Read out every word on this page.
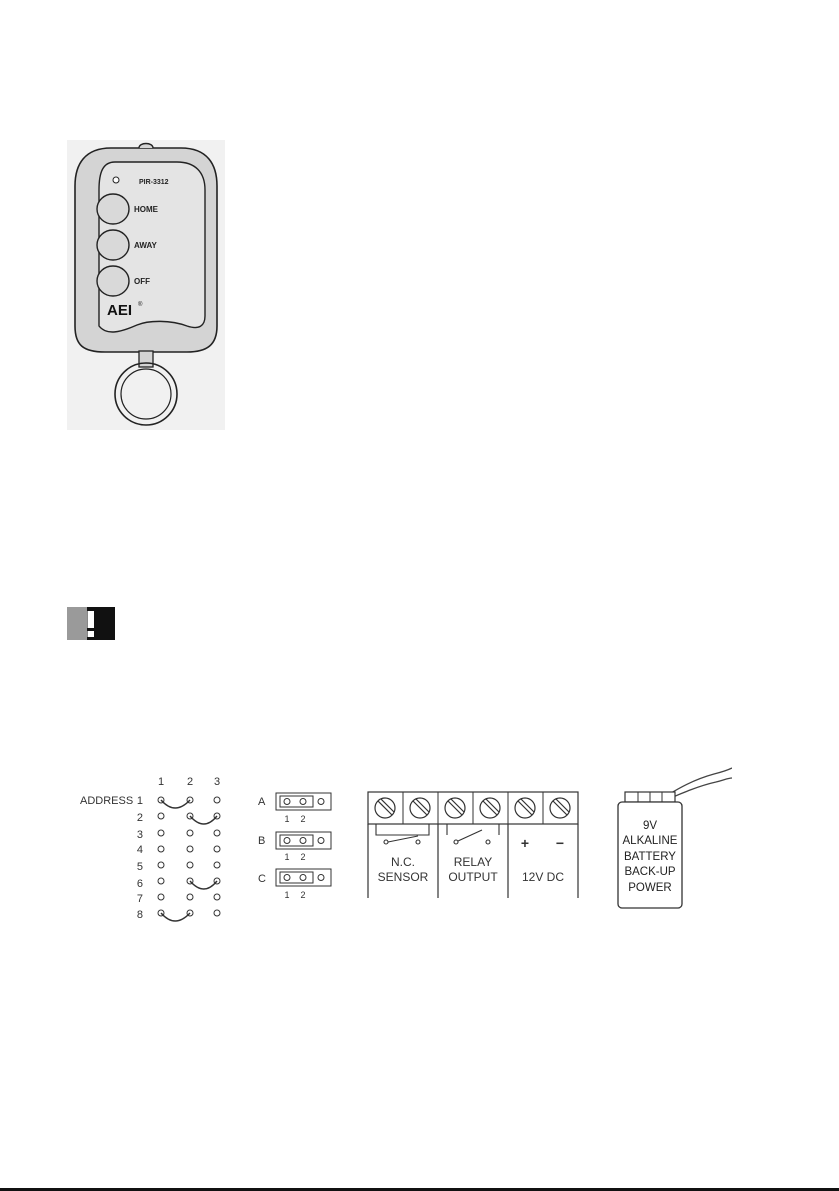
PIR-3312
HOME
AWAY
OFF
AEI ®
1 2 3
ADDRESS 1
2
3
4
5
6
7
8
A
B
C
1 2
1 2
1 2
N.C.
SENSOR
RELAY
OUTPUT 12V DC
+ −
9V
ALKALINE
BATTERY
BACK-UP
POWER
